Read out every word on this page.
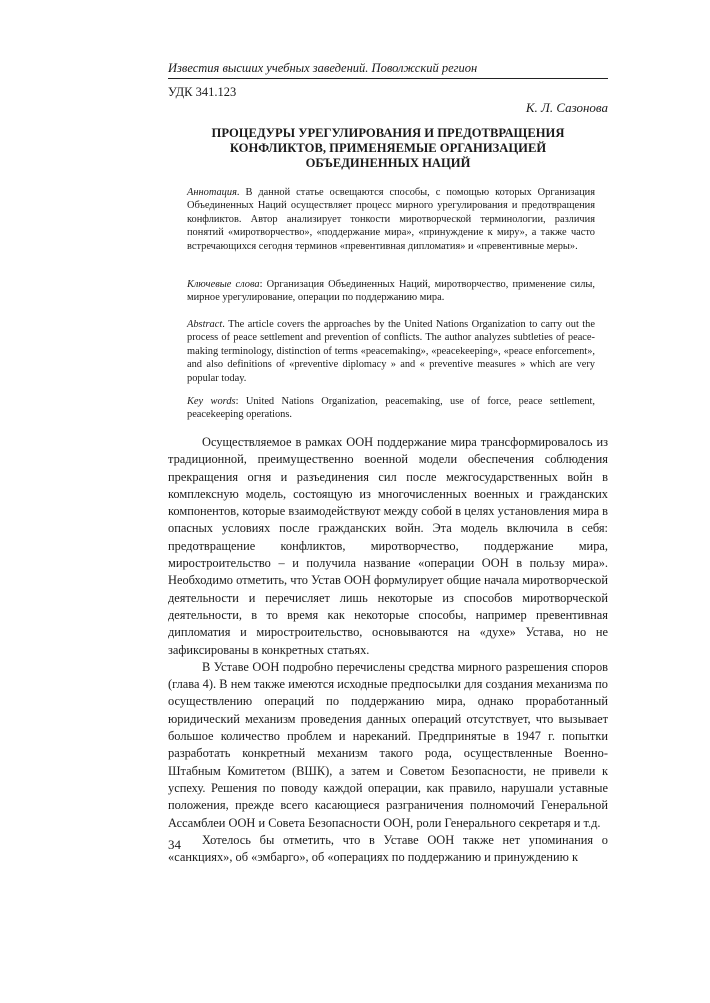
Известия высших учебных заведений. Поволжский регион
УДК 341.123
К. Л. Сазонова
ПРОЦЕДУРЫ УРЕГУЛИРОВАНИЯ И ПРЕДОТВРАЩЕНИЯ КОНФЛИКТОВ, ПРИМЕНЯЕМЫЕ ОРГАНИЗАЦИЕЙ ОБЪЕДИНЕННЫХ НАЦИЙ
Аннотация. В данной статье освещаются способы, с помощью которых Организация Объединенных Наций осуществляет процесс мирного урегулирования и предотвращения конфликтов. Автор анализирует тонкости миротворческой терминологии, различия понятий «миротворчество», «поддержание мира», «принуждение к миру», а также часто встречающихся сегодня терминов «превентивная дипломатия» и «превентивные меры».
Ключевые слова: Организация Объединенных Наций, миротворчество, применение силы, мирное урегулирование, операции по поддержанию мира.
Abstract. The article covers the approaches by the United Nations Organization to carry out the process of peace settlement and prevention of conflicts. The author analyzes subtleties of peace-making terminology, distinction of terms «peacemaking», «peacekeeping», «peace enforcement», and also definitions of «preventive diplomacy » and « preventive measures » which are very popular today.
Key words: United Nations Organization, peacemaking, use of force, peace settlement, peacekeeping operations.

Осуществляемое в рамках ООН поддержание мира трансформировалось из традиционной, преимущественно военной модели обеспечения соблюдения прекращения огня и разъединения сил после межгосударственных войн в комплексную модель, состоящую из многочисленных военных и гражданских компонентов, которые взаимодействуют между собой в целях установления мира в опасных условиях после гражданских войн. Эта модель включила в себя: предотвращение конфликтов, миротворчество, поддержание мира, миростроительство – и получила название «операции ООН в пользу мира». Необходимо отметить, что Устав ООН формулирует общие начала миротворческой деятельности и перечисляет лишь некоторые из способов миротворческой деятельности, в то время как некоторые способы, например превентивная дипломатия и миростроительство, основываются на «духе» Устава, но не зафиксированы в конкретных статьях.

В Уставе ООН подробно перечислены средства мирного разрешения споров (глава 4). В нем также имеются исходные предпосылки для создания механизма по осуществлению операций по поддержанию мира, однако проработанный юридический механизм проведения данных операций отсутствует, что вызывает большое количество проблем и нареканий. Предпринятые в 1947 г. попытки разработать конкретный механизм такого рода, осуществленные Военно-Штабным Комитетом (ВШК), а затем и Советом Безопасности, не привели к успеху. Решения по поводу каждой операции, как правило, нарушали уставные положения, прежде всего касающиеся разграничения полномочий Генеральной Ассамблеи ООН и Совета Безопасности ООН, роли Генерального секретаря и т.д.

Хотелось бы отметить, что в Уставе ООН также нет упоминания о «санкциях», об «эмбарго», об «операциях по поддержанию и принуждению к

34
